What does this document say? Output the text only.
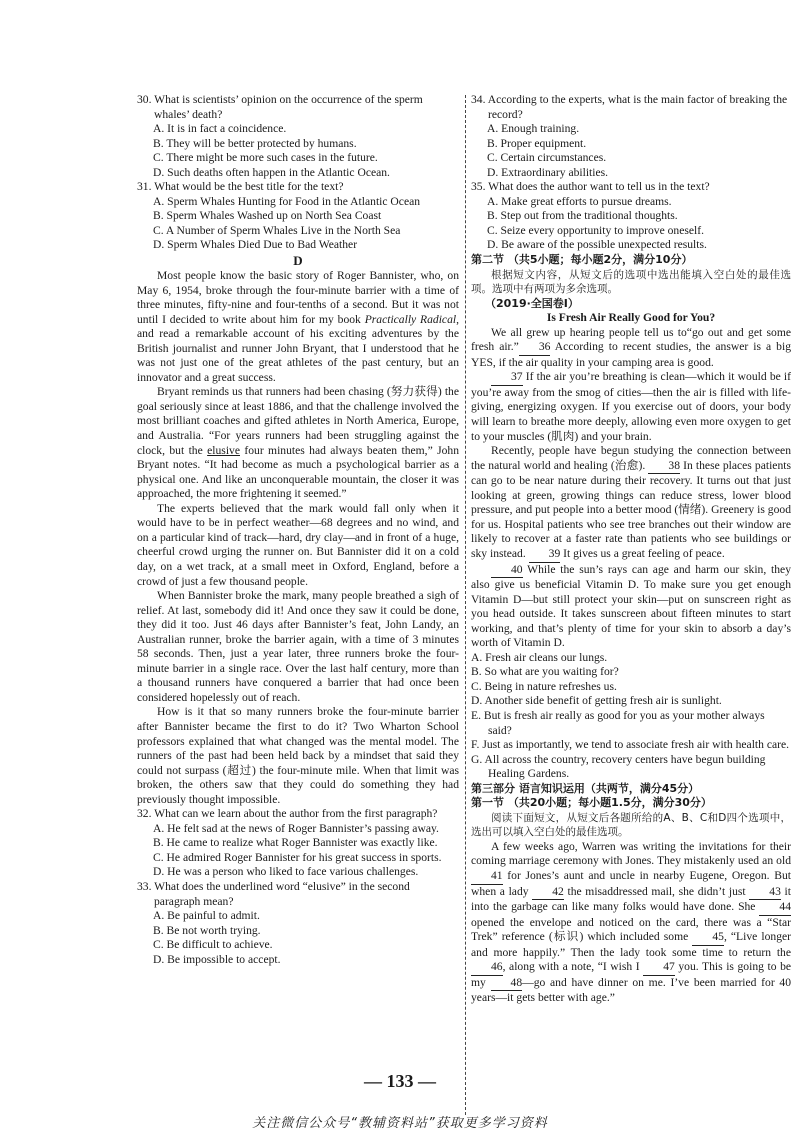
30. What is scientists’ opinion on the occurrence of the sperm whales’ death?

A. It is in fact a coincidence.

B. They will be better protected by humans.

C. There might be more such cases in the future.

D. Such deaths often happen in the Atlantic Ocean.

31. What would be the best title for the text?

A. Sperm Whales Hunting for Food in the Atlantic Ocean

B. Sperm Whales Washed up on North Sea Coast

C. A Number of Sperm Whales Live in the North Sea

D. Sperm Whales Died Due to Bad Weather

D

Most people know the basic story of Roger Bannister, who, on May 6, 1954, broke through the four-minute barrier with a time of three minutes, fifty-nine and four-tenths of a second. But it was not until I decided to write about him for my book Practically Radical, and read a remarkable account of his exciting adventures by the British journalist and runner John Bryant, that I understood that he was not just one of the great athletes of the past century, but an innovator and a great success.

Bryant reminds us that runners had been chasing (努力获得) the goal seriously since at least 1886, and that the challenge involved the most brilliant coaches and gifted athletes in North America, Europe, and Australia. “For years runners had been struggling against the clock, but the elusive four minutes had always beaten them,” John Bryant notes. “It had become as much a psychological barrier as a physical one. And like an unconquerable mountain, the closer it was approached, the more frightening it seemed.”

The experts believed that the mark would fall only when it would have to be in perfect weather—68 degrees and no wind, and on a particular kind of track—hard, dry clay—and in front of a huge, cheerful crowd urging the runner on. But Bannister did it on a cold day, on a wet track, at a small meet in Oxford, England, before a crowd of just a few thousand people.

When Bannister broke the mark, many people breathed a sigh of relief. At last, somebody did it! And once they saw it could be done, they did it too. Just 46 days after Bannister’s feat, John Landy, an Australian runner, broke the barrier again, with a time of 3 minutes 58 seconds. Then, just a year later, three runners broke the four-minute barrier in a single race. Over the last half century, more than a thousand runners have conquered a barrier that had once been considered hopelessly out of reach.

How is it that so many runners broke the four-minute barrier after Bannister became the first to do it? Two Wharton School professors explained that what changed was the mental model. The runners of the past had been held back by a mindset that said they could not surpass (超过) the four-minute mile. When that limit was broken, the others saw that they could do something they had previously thought impossible.

32. What can we learn about the author from the first paragraph?

A. He felt sad at the news of Roger Bannister’s passing away.

B. He came to realize what Roger Bannister was exactly like.

C. He admired Roger Bannister for his great success in sports.

D. He was a person who liked to face various challenges.

33. What does the underlined word “elusive” in the second paragraph mean?

A. Be painful to admit.B. Be not worth trying.

C. Be difficult to achieve.D. Be impossible to accept.

34. According to the experts, what is the main factor of breaking the record?

A. Enough training.B. Proper equipment.

C. Certain circumstances.D. Extraordinary abilities.

35. What does the author want to tell us in the text?

A. Make great efforts to pursue dreams.

B. Step out from the traditional thoughts.

C. Seize every opportunity to improve oneself.

D. Be aware of the possible unexpected results.

第二节 （共5小题；每小题2分，满分10分）

根据短文内容，从短文后的选项中选出能填入空白处的最佳选项。选项中有两项为多余选项。

（2019·全国卷Ⅰ）

Is Fresh Air Really Good for You?

We all grew up hearing people tell us to“go out and get some fresh air.” 36 According to recent studies, the answer is a big YES, if the air quality in your camping area is good.

37 If the air you’re breathing is clean—which it would be if you’re away from the smog of cities—then the air is filled with life-giving, energizing oxygen. If you exercise out of doors, your body will learn to breathe more deeply, allowing even more oxygen to get to your muscles (肌肉) and your brain.

Recently, people have begun studying the connection between the natural world and healing (治愈). 38 In these places patients can go to be near nature during their recovery. It turns out that just looking at green, growing things can reduce stress, lower blood pressure, and put people into a better mood (情绪). Greenery is good for us. Hospital patients who see tree branches out their window are likely to recover at a faster rate than patients who see buildings or sky instead. 39 It gives us a great feeling of peace.

40 While the sun’s rays can age and harm our skin, they also give us beneficial Vitamin D. To make sure you get enough Vitamin D—but still protect your skin—put on sunscreen right as you head outside. It takes sunscreen about fifteen minutes to start working, and that’s plenty of time for your skin to absorb a day’s worth of Vitamin D.

A. Fresh air cleans our lungs.

B. So what are you waiting for?

C. Being in nature refreshes us.

D. Another side benefit of getting fresh air is sunlight.

E. But is fresh air really as good for you as your mother always said?

F. Just as importantly, we tend to associate fresh air with health care.

G. All across the country, recovery centers have begun building Healing Gardens.

第三部分 语言知识运用（共两节，满分45分）

第一节 （共20小题；每小题1.5分，满分30分）

阅读下面短文，从短文后各题所给的A、B、C和D四个选项中，选出可以填入空白处的最佳选项。

A few weeks ago, Warren was writing the invitations for their coming marriage ceremony with Jones. They mistakenly used an old 41 for Jones’s aunt and uncle in nearby Eugene, Oregon. But when a lady 42 the misaddressed mail, she didn’t just 43 it into the garbage can like many folks would have done. She 44 opened the envelope and noticed on the card, there was a “Star Trek” reference (标识) which included some 45, “Live longer and more happily.” Then the lady took some time to return the 46, along with a note, “I wish I 47 you. This is going to be my 48—go and have dinner on me. I’ve been married for 40 years—it gets better with age.”

— 133 —
关注微信公众号“教辅资料站”获取更多学习资料
